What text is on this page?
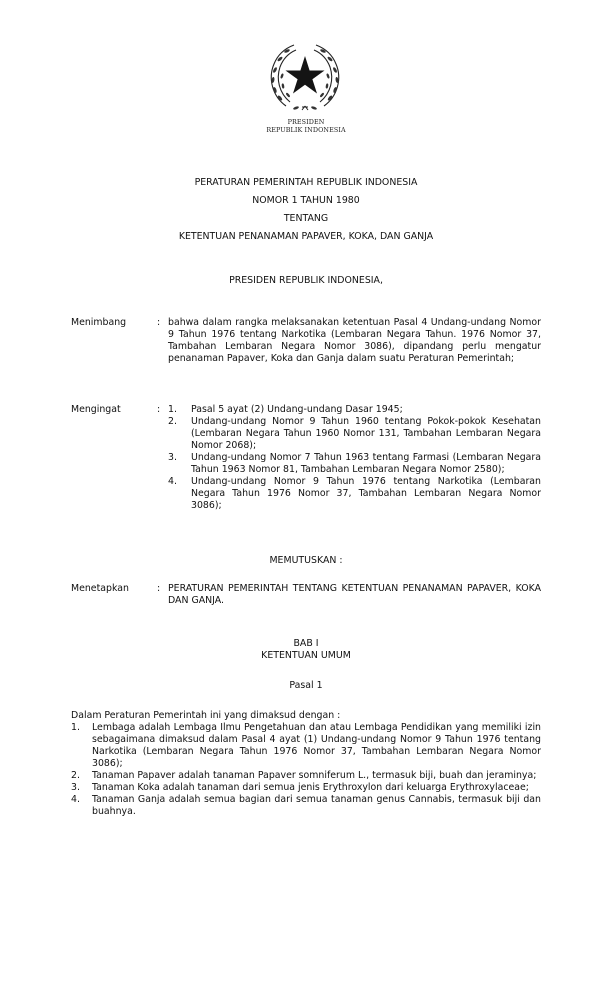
PRESIDEN
REPUBLIK INDONESIA
PERATURAN PEMERINTAH REPUBLIK INDONESIA
NOMOR 1 TAHUN 1980
TENTANG
KETENTUAN PENANAMAN PAPAVER, KOKA, DAN GANJA
PRESIDEN REPUBLIK INDONESIA,
Menimbang	: bahwa dalam rangka melaksanakan ketentuan Pasal 4 Undang-undang Nomor 9 Tahun 1976 tentang Narkotika (Lembaran Negara Tahun. 1976 Nomor 37, Tambahan Lembaran Negara Nomor 3086), dipandang perlu mengatur penanaman Papaver, Koka dan Ganja dalam suatu Peraturan Pemerintah;

Mengingat	: 1. Pasal 5 ayat (2) Undang-undang Dasar 1945;
2. Undang-undang Nomor 9 Tahun 1960 tentang Pokok-pokok Kesehatan (Lembaran Negara Tahun 1960 Nomor 131, Tambahan Lembaran Negara Nomor 2068);
3. Undang-undang Nomor 7 Tahun 1963 tentang Farmasi (Lembaran Negara Tahun 1963 Nomor 81, Tambahan Lembaran Negara Nomor 2580);
4. Undang-undang Nomor 9 Tahun 1976 tentang Narkotika (Lembaran Negara Tahun 1976 Nomor 37, Tambahan Lembaran Negara Nomor 3086);
MEMUTUSKAN :
Menetapkan	: PERATURAN PEMERINTAH TENTANG KETENTUAN PENANAMAN PAPAVER, KOKA DAN GANJA.

BAB I
KETENTUAN UMUM
Pasal 1

Dalam Peraturan Pemerintah ini yang dimaksud dengan :

1. Lembaga adalah Lembaga Ilmu Pengetahuan dan atau Lembaga Pendidikan yang memiliki izin sebagaimana dimaksud dalam Pasal 4 ayat (1) Undang-undang Nomor 9 Tahun 1976 tentang Narkotika (Lembaran Negara Tahun 1976 Nomor 37, Tambahan Lembaran Negara Nomor 3086);
2. Tanaman Papaver adalah tanaman Papaver somniferum L., termasuk biji, buah dan jeraminya;
3. Tanaman Koka adalah tanaman dari semua jenis Erythroxylon dari keluarga Erythroxylaceae;
4. Tanaman Ganja adalah semua bagian dari semua tanaman genus Cannabis, termasuk biji dan buahnya.
